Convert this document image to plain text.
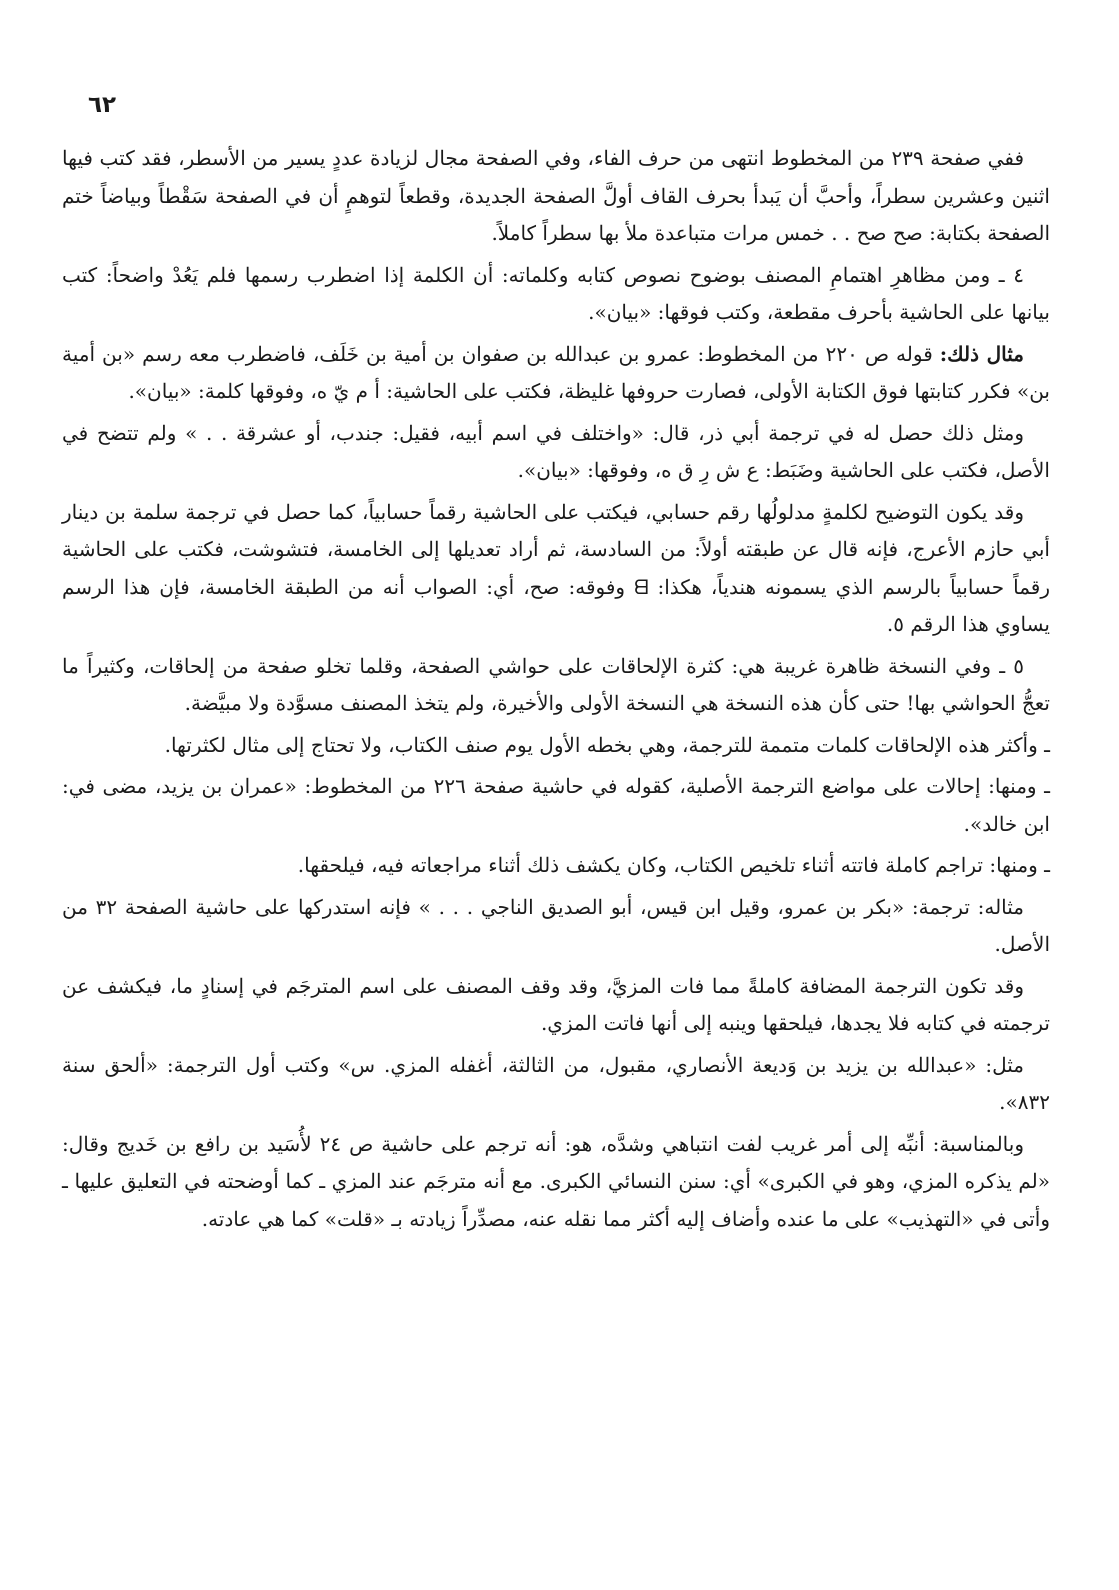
٦٢

ففي صفحة ٢٣٩ من المخطوط انتهى من حرف الفاء، وفي الصفحة مجال لزيادة عددٍ يسير من الأسطر، فقد كتب فيها اثنين وعشرين سطراً، وأحبَّ أن يَبدأ بحرف القاف أولَّ الصفحة الجديدة، وقطعاً لتوهمٍ أن في الصفحة سَقْطاً وبياضاً ختم الصفحة بكتابة: صح صح . . خمس مرات متباعدة ملأ بها سطراً كاملاً.

٤ ـ ومن مظاهرِ اهتمامِ المصنف بوضوح نصوص كتابه وكلماته: أن الكلمة إذا اضطرب رسمها فلم يَعُدْ واضحاً: كتب بيانها على الحاشية بأحرف مقطعة، وكتب فوقها: «بيان».

مثال ذلك: قوله ص ٢٢٠ من المخطوط: عمرو بن عبدالله بن صفوان بن أمية بن خَلَف، فاضطرب معه رسم «بن أمية بن» فكرر كتابتها فوق الكتابة الأولى، فصارت حروفها غليظة، فكتب على الحاشية: أ م يّ ه، وفوقها كلمة: «بيان».

ومثل ذلك حصل له في ترجمة أبي ذر، قال: «واختلف في اسم أبيه، فقيل: جندب، أو عشرقة . . » ولم تتضح في الأصل، فكتب على الحاشية وضَبَط: ع ش رِ ق ه، وفوقها: «بيان».

وقد يكون التوضيح لكلمةٍ مدلولُها رقم حسابي، فيكتب على الحاشية رقماً حسابياً، كما حصل في ترجمة سلمة بن دينار أبي حازم الأعرج، فإنه قال عن طبقته أولاً: من السادسة، ثم أراد تعديلها إلى الخامسة، فتشوشت، فكتب على الحاشية رقماً حسابياً بالرسم الذي يسمونه هندياً، هكذا: ᗺ وفوقه: صح، أي: الصواب أنه من الطبقة الخامسة، فإن هذا الرسم يساوي هذا الرقم ٥.

٥ ـ وفي النسخة ظاهرة غريبة هي: كثرة الإلحاقات على حواشي الصفحة، وقلما تخلو صفحة من إلحاقات، وكثيراً ما تعجُّ الحواشي بها! حتى كأن هذه النسخة هي النسخة الأولى والأخيرة، ولم يتخذ المصنف مسوَّدة ولا مبيَّضة.

ـ وأكثر هذه الإلحاقات كلمات متممة للترجمة، وهي بخطه الأول يوم صنف الكتاب، ولا تحتاج إلى مثال لكثرتها.

ـ ومنها: إحالات على مواضع الترجمة الأصلية، كقوله في حاشية صفحة ٢٢٦ من المخطوط: «عمران بن يزيد، مضى في: ابن خالد».

ـ ومنها: تراجم كاملة فاتته أثناء تلخيص الكتاب، وكان يكشف ذلك أثناء مراجعاته فيه، فيلحقها.

مثاله: ترجمة: «بكر بن عمرو، وقيل ابن قيس، أبو الصديق الناجي . . . » فإنه استدركها على حاشية الصفحة ٣٢ من الأصل.

وقد تكون الترجمة المضافة كاملةً مما فات المزيَّ، وقد وقف المصنف على اسم المترجَم في إسنادٍ ما، فيكشف عن ترجمته في كتابه فلا يجدها، فيلحقها وينبه إلى أنها فاتت المزي.

مثل: «عبدالله بن يزيد بن وَديعة الأنصاري، مقبول، من الثالثة، أغفله المزي. س» وكتب أول الترجمة: «ألحق سنة ٨٣٢».

وبالمناسبة: أنبِّه إلى أمر غريب لفت انتباهي وشدَّه، هو: أنه ترجم على حاشية ص ٢٤ لأُسَيد بن رافع بن خَديج وقال: «لم يذكره المزي، وهو في الكبرى» أي: سنن النسائي الكبرى. مع أنه مترجَم عند المزي ـ كما أوضحته في التعليق عليها ـ وأتى في «التهذيب» على ما عنده وأضاف إليه أكثر مما نقله عنه، مصدِّراً زيادته بـ «قلت» كما هي عادته.
